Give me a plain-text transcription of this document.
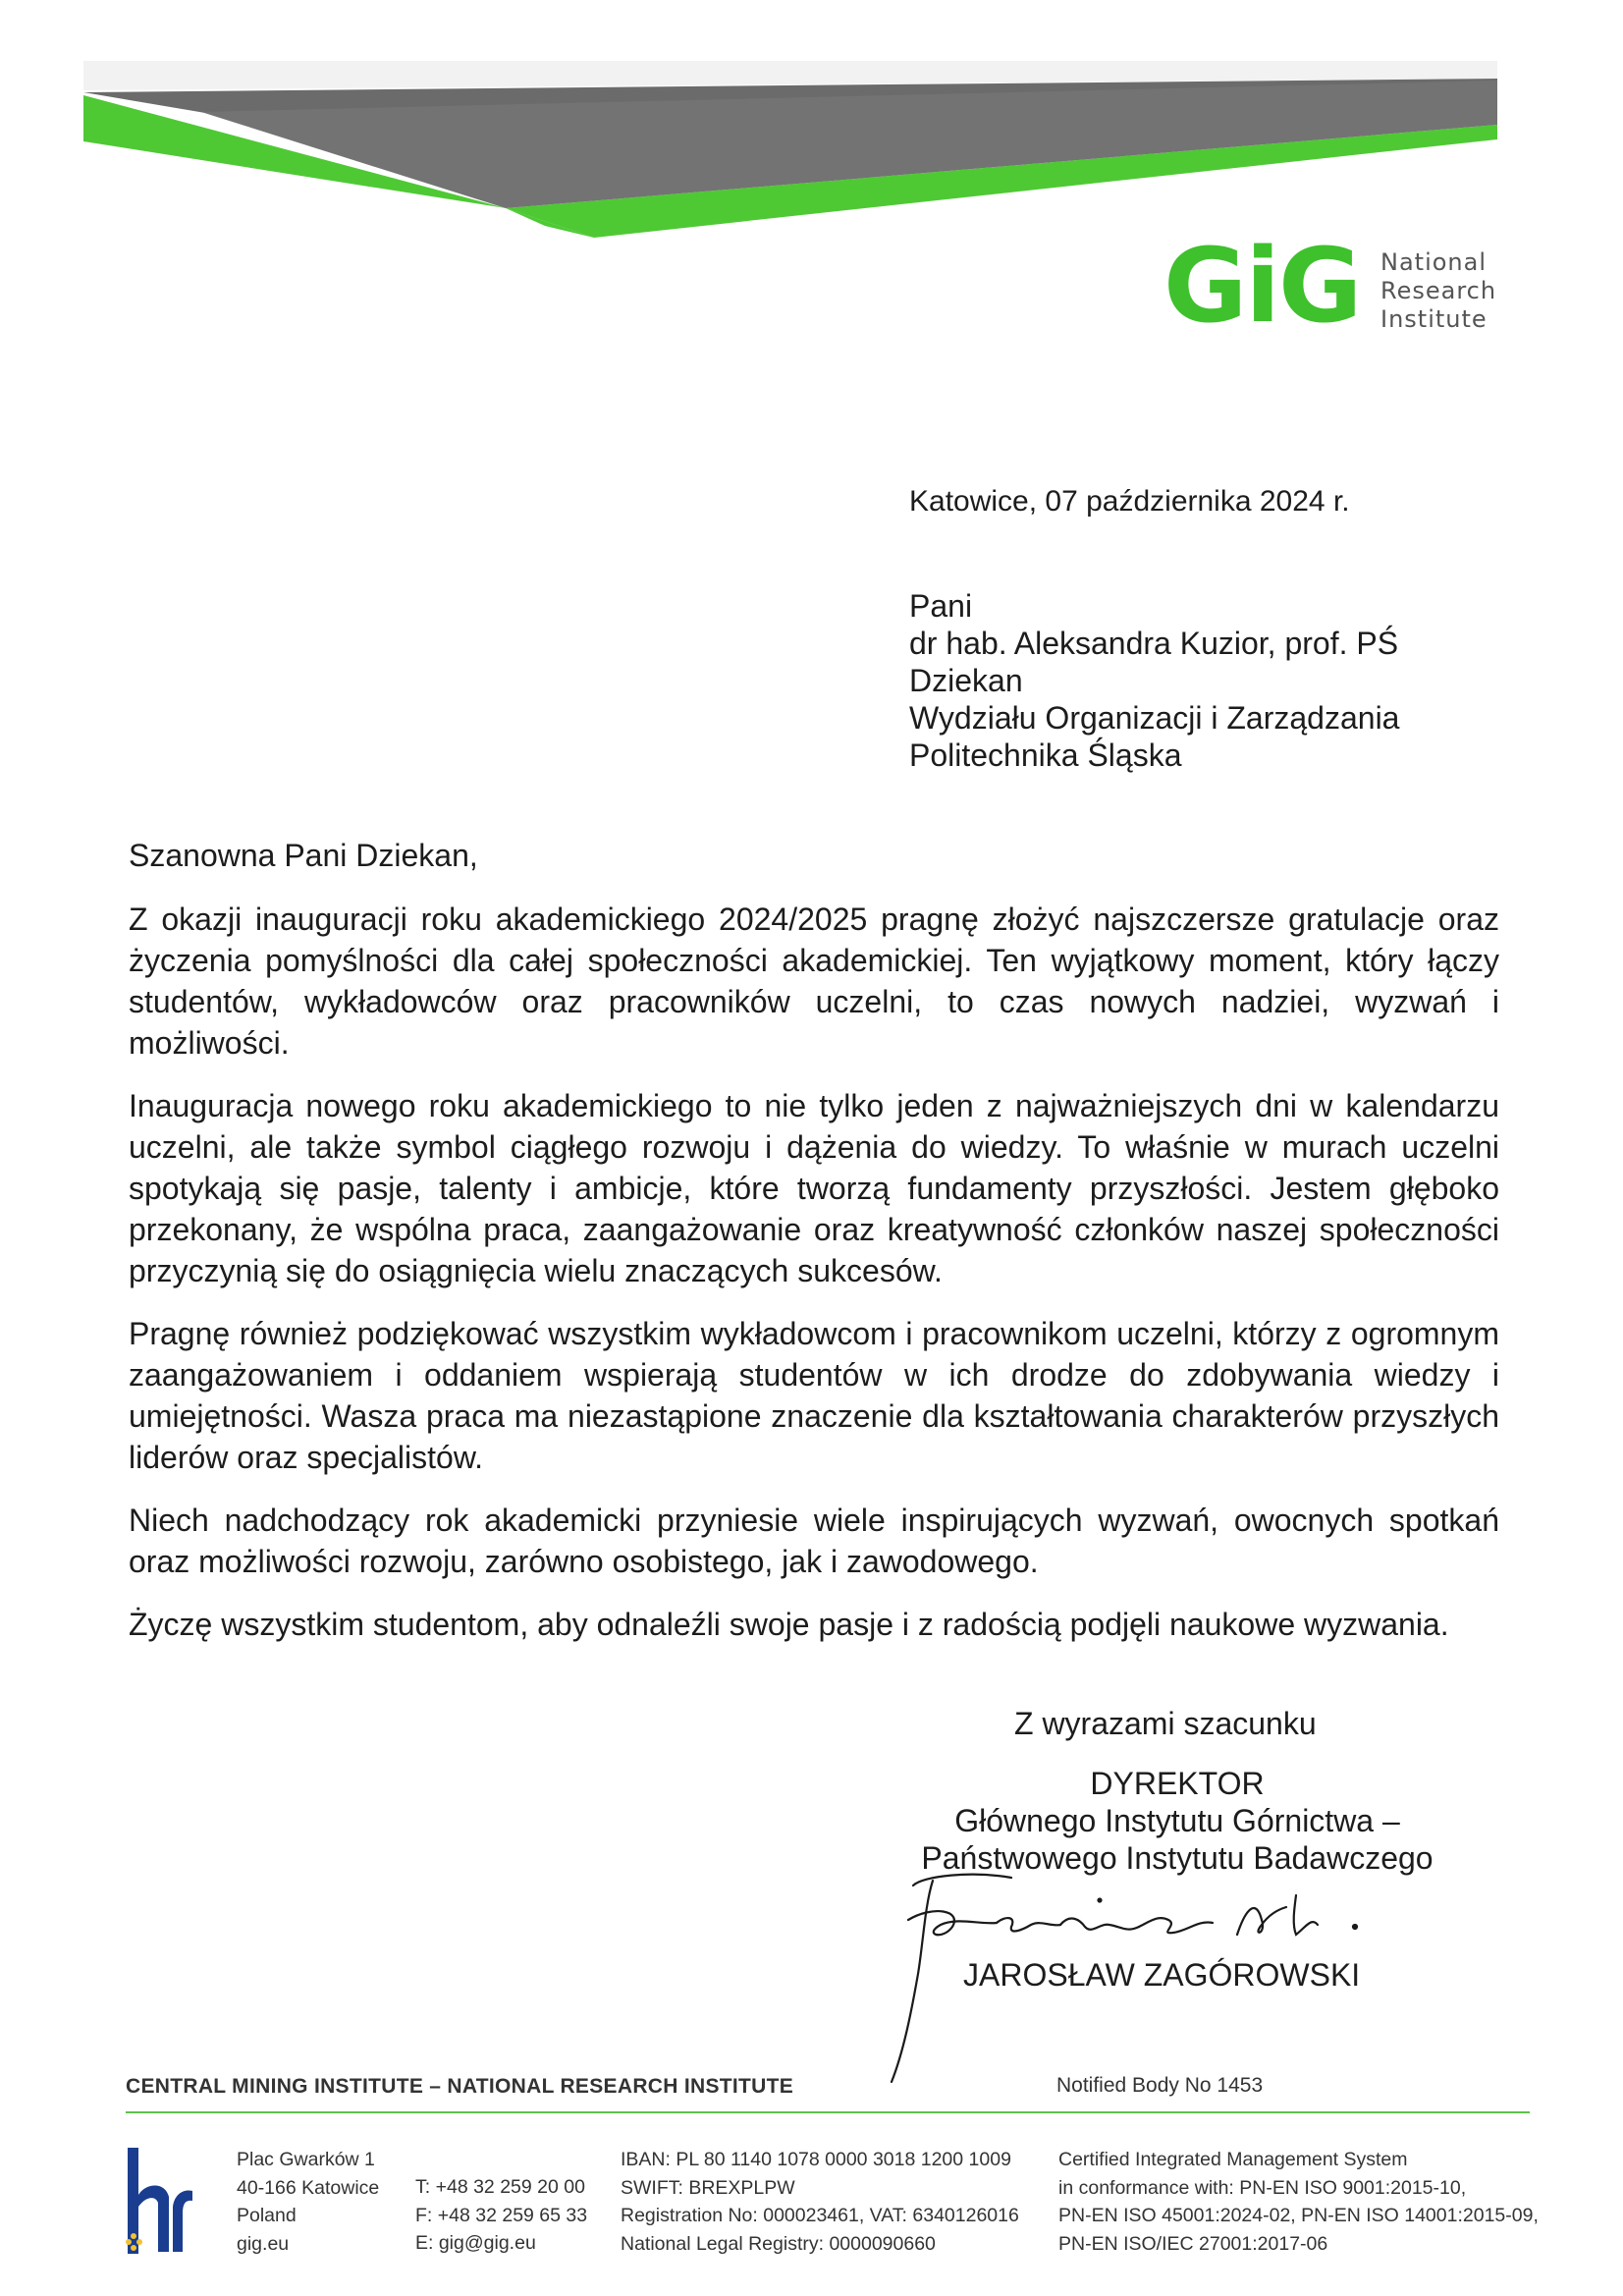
GiG National
Research
Institute
Katowice, 07 października 2024 r.
Pani
dr hab. Aleksandra Kuzior, prof. PŚ
Dziekan
Wydziału Organizacji i Zarządzania
Politechnika Śląska
Szanowna Pani Dziekan,

Z okazji inauguracji roku akademickiego 2024/2025 pragnę złożyć najszczersze gratulacje oraz życzenia pomyślności dla całej społeczności akademickiej. Ten wyjątkowy moment, który łączy studentów, wykładowców oraz pracowników uczelni, to czas nowych nadziei, wyzwań i możliwości.

Inauguracja nowego roku akademickiego to nie tylko jeden z najważniejszych dni w kalendarzu uczelni, ale także symbol ciągłego rozwoju i dążenia do wiedzy. To właśnie w murach uczelni spotykają się pasje, talenty i ambicje, które tworzą fundamenty przyszłości. Jestem głęboko przekonany, że wspólna praca, zaangażowanie oraz kreatywność członków naszej społeczności przyczynią się do osiągnięcia wielu znaczących sukcesów.

Pragnę również podziękować wszystkim wykładowcom i pracownikom uczelni, którzy z ogromnym zaangażowaniem i oddaniem wspierają studentów w ich drodze do zdobywania wiedzy i umiejętności. Wasza praca ma niezastąpione znaczenie dla kształtowania charakterów przyszłych liderów oraz specjalistów.

Niech nadchodzący rok akademicki przyniesie wiele inspirujących wyzwań, owocnych spotkań oraz możliwości rozwoju, zarówno osobistego, jak i zawodowego.

Życzę wszystkim studentom, aby odnaleźli swoje pasje i z radością podjęli naukowe wyzwania.

Z wyrazami szacunku
DYREKTOR
Głównego Instytutu Górnictwa –
Państwowego Instytutu Badawczego
JAROSŁAW ZAGÓROWSKI
CENTRAL MINING INSTITUTE – NATIONAL RESEARCH INSTITUTE	Notified Body No 1453
Plac Gwarków 1
40-166 Katowice
Poland
gig.eu
T: +48 32 259 20 00
F: +48 32 259 65 33
E: gig@gig.eu
IBAN: PL 80 1140 1078 0000 3018 1200 1009
SWIFT: BREXPLPW
Registration No: 000023461, VAT: 6340126016
National Legal Registry: 0000090660
Certified Integrated Management System
in conformance with: PN-EN ISO 9001:2015-10,
PN-EN ISO 45001:2024-02, PN-EN ISO 14001:2015-09,
PN-EN ISO/IEC 27001:2017-06
